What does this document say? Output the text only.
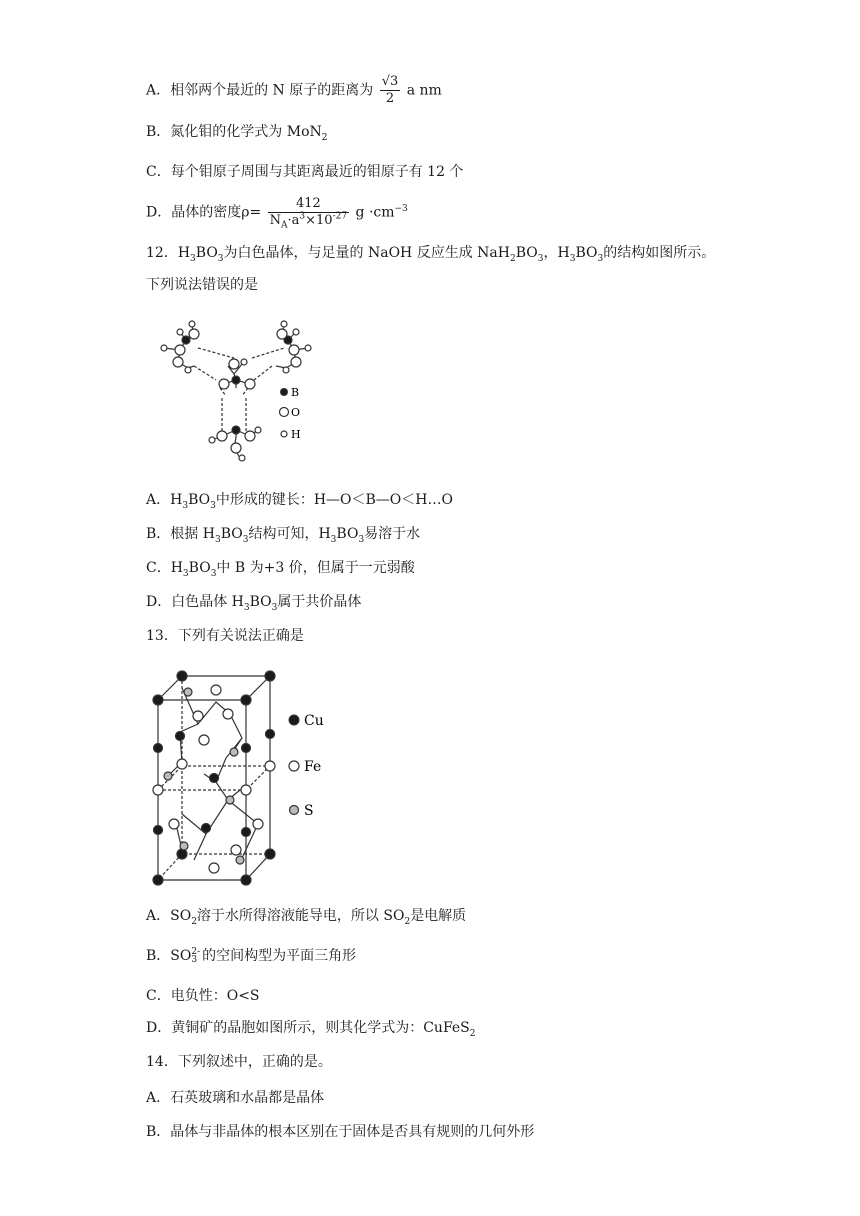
A．相邻两个最近的 N 原子的距离为 $\frac{√3}{2}$ a nm
B．氮化钼的化学式为 MoN$_2$
C．每个钼原子周围与其距离最近的钼原子有 12 个
D．晶体的密度$\rho= \frac{412}{N_A\cdot a^3\times 10^{-27}}$ $g \cdot cm^{-3}$
12．$H_3BO_3$为白色晶体，与足量的 NaOH 反应生成 $NaH_2BO_3$，$H_3BO_3$的结构如图所示。
下列说法错误的是
B
O
H
A．$H_3BO_3$中形成的键长：H—O＜B—O＜H…O
B．根据 $H_3BO_3$结构可知，$H_3BO_3$易溶于水
C．$H_3BO_3$中 B 为+3 价，但属于一元弱酸
D．白色晶体 $H_3BO_3$属于共价晶体
13．下列有关说法正确是
Cu
Fe
S
A．$SO_2$溶于水所得溶液能导电，所以 $SO_2$是电解质
B．SO 2-
3 的空间构型为平面三角形
C．电负性：O<S
D．黄铜矿的晶胞如图所示，则其化学式为：CuFeS$_2$
14．下列叙述中，正确的是。
A．石英玻璃和水晶都是晶体
B．晶体与非晶体的根本区别在于固体是否具有规则的几何外形
